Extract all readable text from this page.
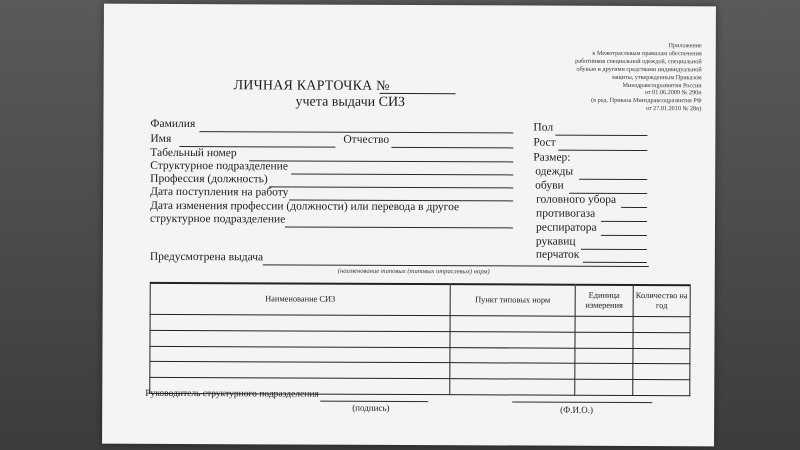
Приложение
к Межотраслевым правилам обеспечения
работников специальной одеждой, специальной
обувью и другими средствами индивидуальной
защиты, утвержденным Приказом
Минздравсоцразвития России
от 01.06.2009 № 290н
(в ред. Приказа Минздравсоцразвития РФ
от 27.01.2010 № 28н)
ЛИЧНАЯ КАРТОЧКА №
учета выдачи СИЗ
Фамилия
Имя	Отчество
Табельный номер
Структурное подразделение
Профессия (должность)
Дата поступления на работу
Дата изменения профессии (должности) или перевода в другое
структурное подразделение
Пол
Рост
Размер:
одежды
обуви
головного убора
противогаза
респиратора
рукавиц
перчаток
Предусмотрена выдача
(наименование типовых (типовых отраслевых) норм)
Наименование СИЗ	Пункт типовых норм	Единица измерения	Количество на год

Руководитель структурного подразделения
(подпись)	(Ф.И.О.)
